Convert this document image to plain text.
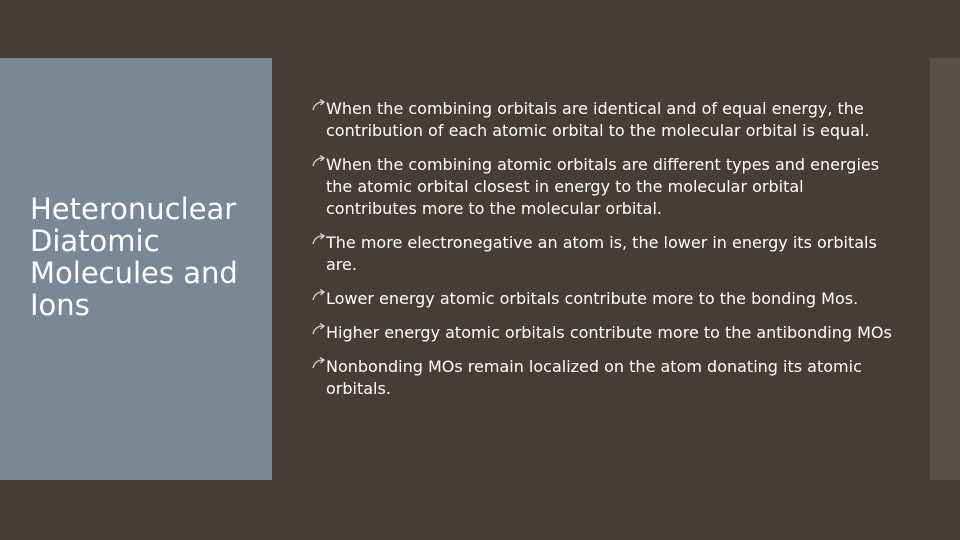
Heteronuclear Diatomic Molecules and Ions
When the combining orbitals are identical and of equal energy, the contribution of each atomic orbital to the molecular orbital is equal.
When the combining atomic orbitals are different types and energies the atomic orbital closest in energy to the molecular orbital contributes more to the molecular orbital.
The more electronegative an atom is, the lower in energy its orbitals are.
Lower energy atomic orbitals contribute more to the bonding Mos.
Higher energy atomic orbitals contribute more to the antibonding MOs
Nonbonding MOs remain localized on the atom donating its atomic orbitals.
